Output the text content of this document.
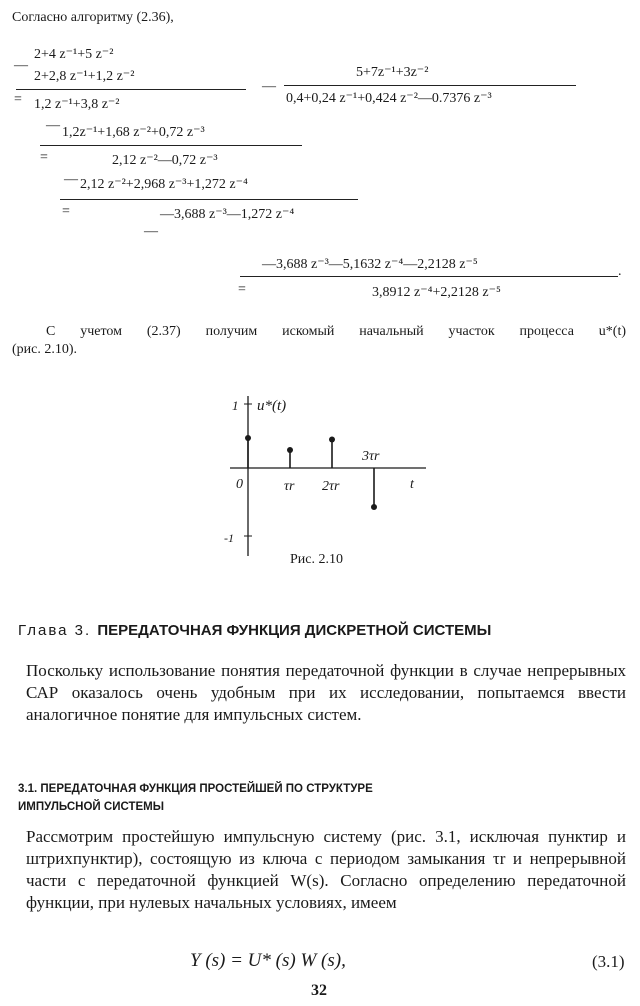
Согласно алгоритму (2.36),
2+4 z⁻¹+5 z⁻²
—
2+2,8 z⁻¹+1,2 z⁻²
= 1,2 z⁻¹+3,8 z⁻²
— 1,2z⁻¹+1,68 z⁻²+0,72 z⁻³
=	2,12 z⁻²—0,72 z⁻³
— 2,12 z⁻²+2,968 z⁻³+1,272 z⁻⁴
=	—3,688 z⁻³—1,272 z⁻⁴
—
—
5+7z⁻¹+3z⁻²
0,4+0,24 z⁻¹+0,424 z⁻²—0.7376 z⁻³
—3,688 z⁻³—5,1632 z⁻⁴—2,2128 z⁻⁵	.
=	3,8912 z⁻⁴+2,2128 z⁻⁵
С учетом (2.37) получим искомый начальный участок процесса u*(t)
(рис. 2.10).
u*(t)
1
-1
0	τr 2τr
3τr
t
Рис. 2.10
Глава 3. ПЕРЕДАТОЧНАЯ ФУНКЦИЯ ДИСКРЕТНОЙ СИСТЕМЫ
Поскольку использование понятия передаточной функции в случае непрерывных САР оказалось очень удобным при их исследовании, попытаемся ввести аналогичное понятие для импульсных систем.
3.1. ПЕРЕДАТОЧНАЯ ФУНКЦИЯ ПРОСТЕЙШЕЙ ПО СТРУКТУРЕ
ИМПУЛЬСНОЙ СИСТЕМЫ
Рассмотрим простейшую импульсную систему (рис. 3.1, исключая пунктир и штрихпунктир), состоящую из ключа с периодом замыкания τr и непрерывной части с передаточной функцией W(s). Согласно определению передаточной функции, при нулевых начальных условиях, имеем
Y (s) = U* (s) W (s),	(3.1)
32
